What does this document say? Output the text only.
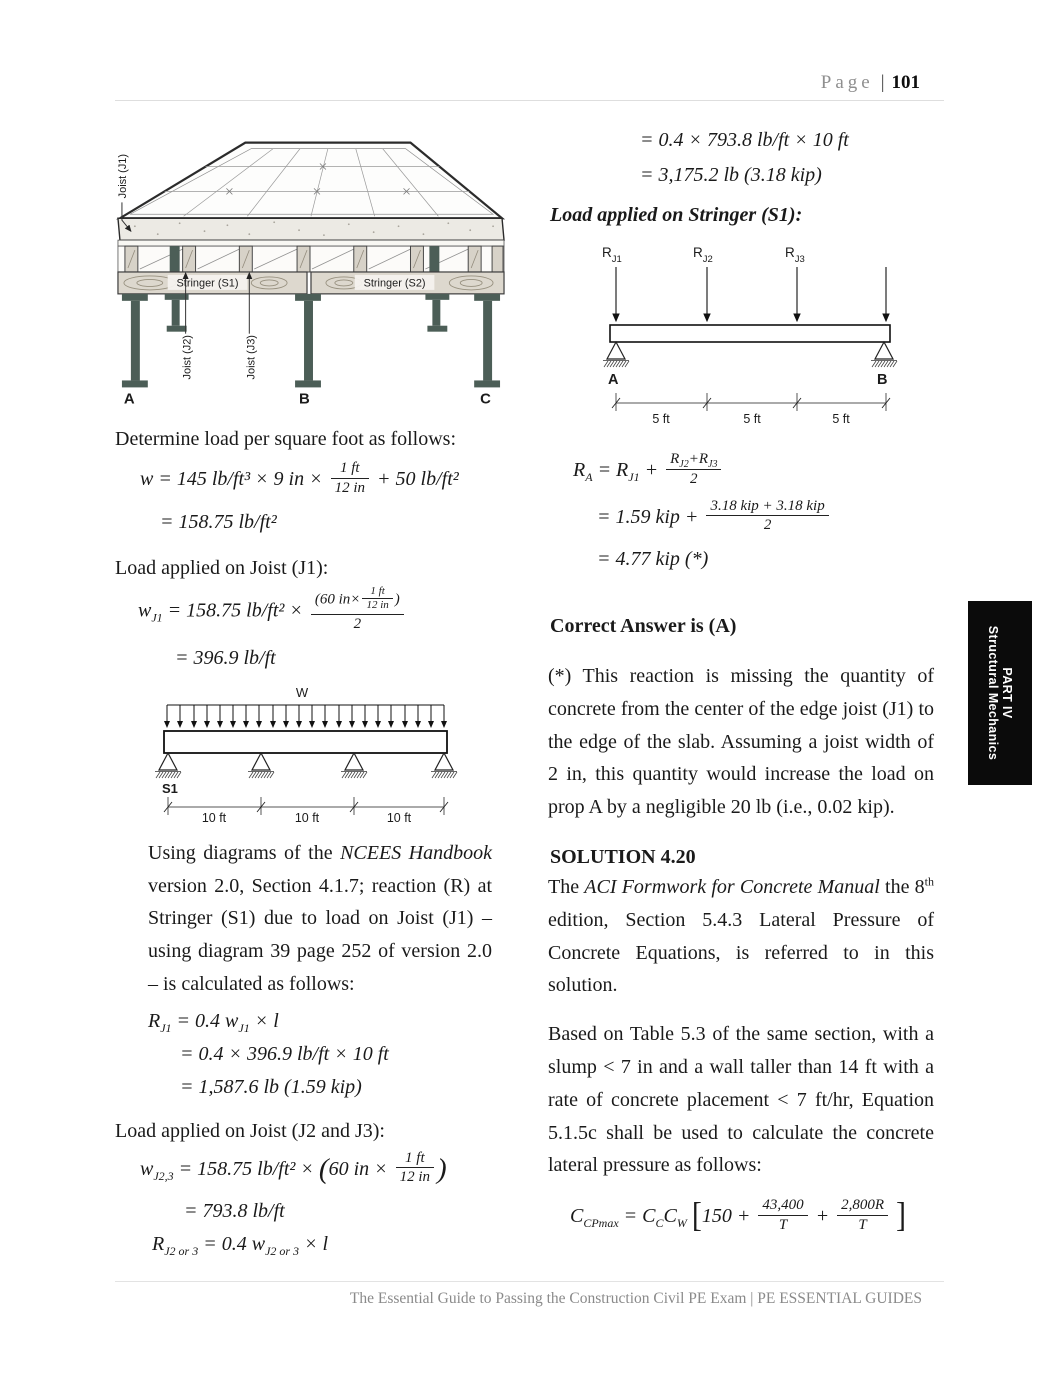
Page | 101
Stringer (S1)	Stringer (S2)
Joist (J1)
Joist (J2)	Joist (J3)
A	B	C

Determine load per square foot as follows:

w = 145 lb/ft³ × 9 in × $\frac{1 ft}{12 in} + 50$ lb/ft²
= 158.75 lb/ft²

Load applied on Joist (J1):

$w_{J1} = 158.75$ $lb/ft^2 \times \frac{(60 in\times \frac{1 ft}{12 in} )}{2}$
= 396.9 lb/ft
W
S1
10 ft	10 ft	10 ft

Using diagrams of the NCEES Handbook version 2.0, Section 4.1.7; reaction (R) at Stringer (S1) due to load on Joist (J1) – using diagram 39 page 252 of version 2.0 – is calculated as follows:

$R_{J1} = 0.4$ $w_{J1} \times l$
= 0.4 × 396.9 lb/ft × 10 ft
= 1,587.6 lb (1.59 kip)

Load applied on Joist (J2 and J3):

$w_{J2,3} = 158.75$ lb/ft² × (60 in × $\frac{1 ft}{12 in}$ )
= 793.8 lb/ft
$R_{J2 or 3} = 0.4$ $w_{J2 or 3} \times l$
= 0.4 × 793.8 lb/ft × 10 ft
= 3,175.2 lb (3.18 kip)

Load applied on Stringer (S1):

$R_{J1}$	$R_{J2}$	$R_{J3}$
A	B
5 ft	5 ft	5 ft
$R_A = R_{J1} + \frac{R_{J2}+R_{J3}}{2}$
= 1.59 kip + $\frac{\text{3.18 kip + 3.18 kip}}{2}$
= 4.77 kip (*)

Correct Answer is (A)

(*) This reaction is missing the quantity of concrete from the center of the edge joist (J1) to the edge of the slab. Assuming a joist width of 2 in, this quantity would increase the load on prop A by a negligible 20 lb (i.e., 0.02 kip).

SOLUTION 4.20

The ACI Formwork for Concrete Manual the 8th edition, Section 5.4.3 Lateral Pressure of Concrete Equations, is referred to in this solution.

Based on Table 5.3 of the same section, with a slump < 7 in and a wall taller than 14 ft with a rate of concrete placement < 7 ft/hr, Equation 5.1.5c shall be used to calculate the concrete lateral pressure as follows:

$C_{CPmax} = C_CC_W$ [$150 + \frac{43,400}{T} + \frac{2,800R}{T}$ ]
PART IV
Structural Mechanics
The Essential Guide to Passing the Construction Civil PE Exam | PE ESSENTIAL GUIDES
